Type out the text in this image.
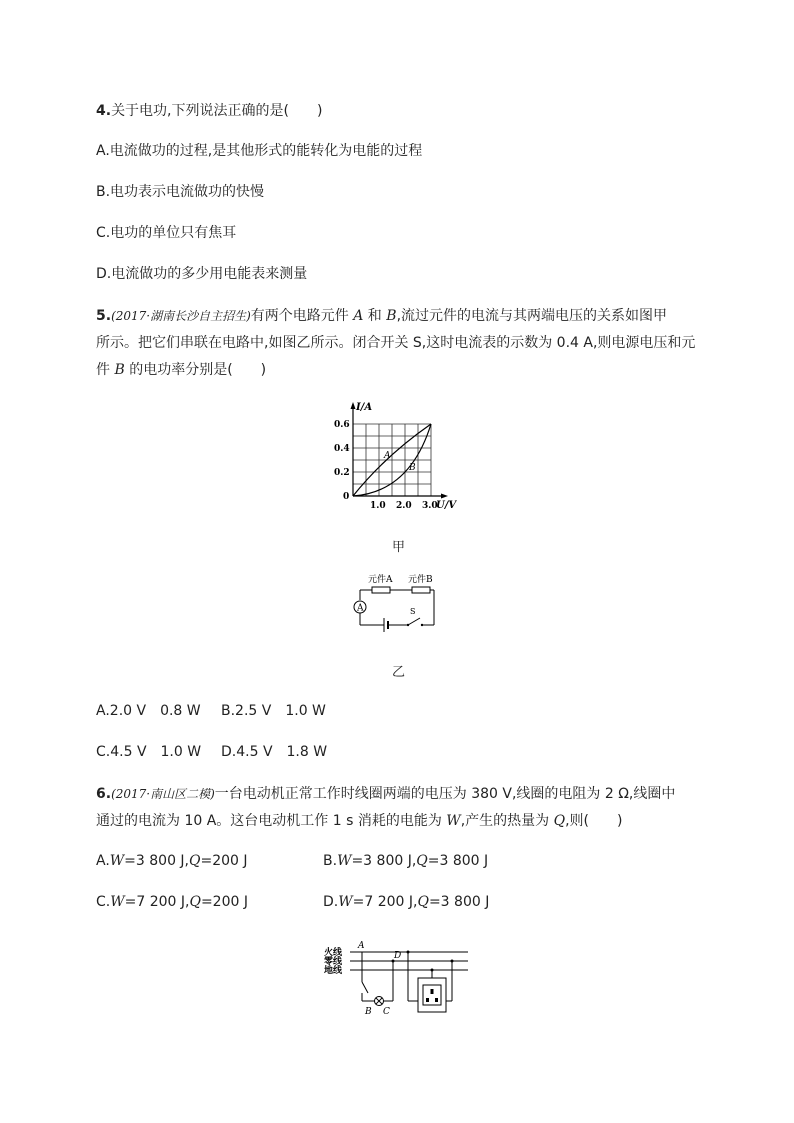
4.关于电功,下列说法正确的是(　　)
A.电流做功的过程,是其他形式的能转化为电能的过程
B.电功表示电流做功的快慢
C.电功的单位只有焦耳
D.电流做功的多少用电能表来测量
5.(2017·湖南长沙自主招生)有两个电路元件 A 和 B,流过元件的电流与其两端电压的关系如图甲
所示。把它们串联在电路中,如图乙所示。闭合开关 S,这时电流表的示数为 0.4 A,则电源电压和元
件 B 的电功率分别是(　　)
I/A
U/V
0.6
0.4
0.2
0
1.0 2.0 3.0
A
B
甲
A
元件A 元件B
S
乙
A.2.0 V　0.8 W B.2.5 V　1.0 W
C.4.5 V　1.0 W D.4.5 V　1.8 W
6.(2017·南山区二模)一台电动机正常工作时线圈两端的电压为 380 V,线圈的电阻为 2 Ω,线圈中
通过的电流为 10 A。这台电动机工作 1 s 消耗的电能为 W,产生的热量为 Q,则(　　)
A.W=3 800 J,Q=200 J	B.W=3 800 J,Q=3 800 J
C.W=7 200 J,Q=200 J	D.W=7 200 J,Q=3 800 J
火线
零线
地线
A
D
B C
